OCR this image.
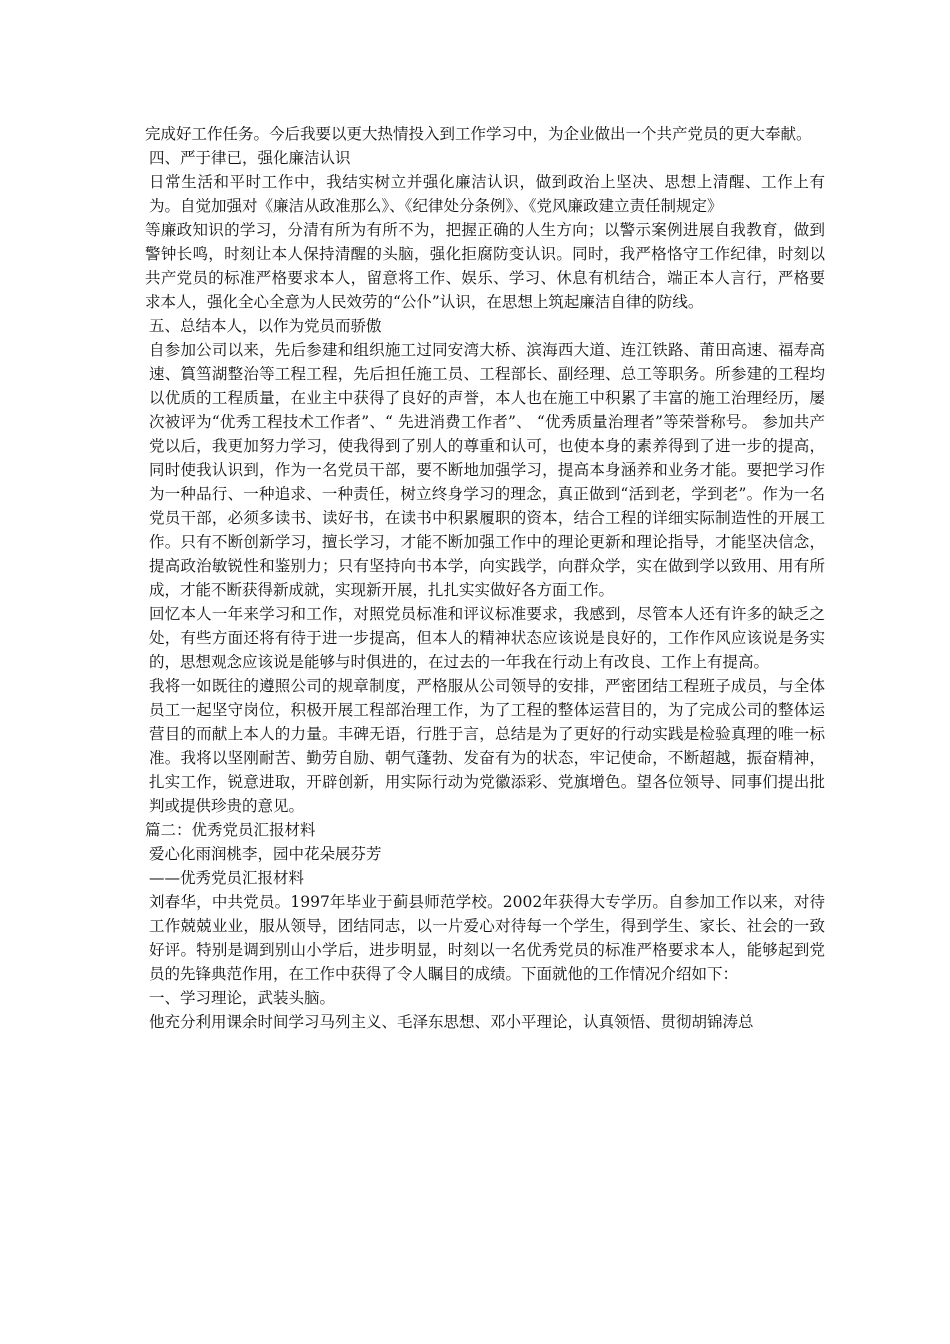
完成好工作任务。今后我要以更大热情投入到工作学习中，为企业做出一个共产党员的更大奉献。

四、严于律已，强化廉洁认识

日常生活和平时工作中，我结实树立并强化廉洁认识，做到政治上坚决、思想上清醒、工作上有为。自觉加强对《廉洁从政准那么》、《纪律处分条例》、《党风廉政建立责任制规定》

等廉政知识的学习，分清有所为有所不为，把握正确的人生方向；以警示案例进展自我教育，做到警钟长鸣，时刻让本人保持清醒的头脑，强化拒腐防变认识。同时，我严格恪守工作纪律，时刻以共产党员的标准严格要求本人，留意将工作、娱乐、学习、休息有机结合，端正本人言行，严格要求本人，强化全心全意为人民效劳的“公仆”认识，在思想上筑起廉洁自律的防线。

五、总结本人，以作为党员而骄傲

自参加公司以来，先后参建和组织施工过同安湾大桥、滨海西大道、连江铁路、莆田高速、福寿高速、篔筜湖整治等工程工程，先后担任施工员、工程部长、副经理、总工等职务。所参建的工程均以优质的工程质量，在业主中获得了良好的声誉，本人也在施工中积累了丰富的施工治理经历，屡次被评为“优秀工程技术工作者”、“ 先进消费工作者”、 “优秀质量治理者”等荣誉称号。 参加共产党以后，我更加努力学习，使我得到了别人的尊重和认可，也使本身的素养得到了进一步的提高，同时使我认识到，作为一名党员干部，要不断地加强学习，提高本身涵养和业务才能。要把学习作为一种品行、一种追求、一种责任，树立终身学习的理念，真正做到“活到老，学到老”。作为一名党员干部，必须多读书、读好书，在读书中积累履职的资本，结合工程的详细实际制造性的开展工作。只有不断创新学习，擅长学习，才能不断加强工作中的理论更新和理论指导，才能坚决信念，提高政治敏锐性和鉴别力；只有坚持向书本学，向实践学，向群众学，实在做到学以致用、用有所成，才能不断获得新成就，实现新开展，扎扎实实做好各方面工作。

回忆本人一年来学习和工作，对照党员标准和评议标准要求，我感到，尽管本人还有许多的缺乏之处，有些方面还将有待于进一步提高，但本人的精神状态应该说是良好的，工作作风应该说是务实的，思想观念应该说是能够与时俱进的，在过去的一年我在行动上有改良、工作上有提高。

我将一如既往的遵照公司的规章制度，严格服从公司领导的安排，严密团结工程班子成员，与全体员工一起坚守岗位，积极开展工程部治理工作，为了工程的整体运营目的，为了完成公司的整体运营目的而献上本人的力量。丰碑无语，行胜于言，总结是为了更好的行动实践是检验真理的唯一标准。我将以坚刚耐苦、勤劳自励、朝气蓬勃、发奋有为的状态，牢记使命，不断超越，振奋精神，扎实工作，锐意进取，开辟创新，用实际行动为党徽添彩、党旗增色。望各位领导、同事们提出批判或提供珍贵的意见。

篇二：优秀党员汇报材料

爱心化雨润桃李，园中花朵展芬芳

——优秀党员汇报材料

刘春华，中共党员。1997年毕业于蓟县师范学校。2002年获得大专学历。自参加工作以来，对待工作兢兢业业，服从领导，团结同志，以一片爱心对待每一个学生，得到学生、家长、社会的一致好评。特别是调到别山小学后，进步明显，时刻以一名优秀党员的标准严格要求本人，能够起到党员的先锋典范作用，在工作中获得了令人瞩目的成绩。下面就他的工作情况介绍如下：

一、学习理论，武装头脑。

他充分利用课余时间学习马列主义、毛泽东思想、邓小平理论，认真领悟、贯彻胡锦涛总
